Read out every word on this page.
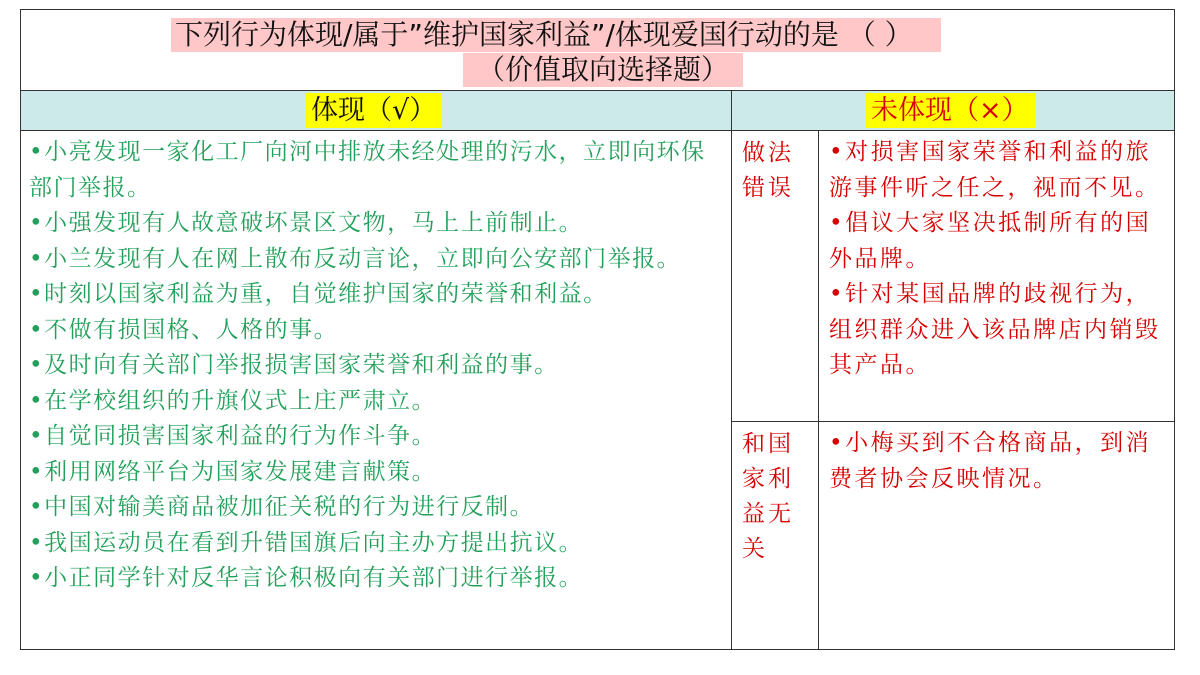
下列行为体现/属于”维护国家利益”/体现爱国行动的是 （ ）
（价值取向选择题）
体现（√）	未体现（×）
•小亮发现一家化工厂向河中排放未经处理的污水，立即向环保部门举报。
•小强发现有人故意破坏景区文物，马上上前制止。
•小兰发现有人在网上散布反动言论，立即向公安部门举报。
•时刻以国家利益为重，自觉维护国家的荣誉和利益。
•不做有损国格、人格的事。
•及时向有关部门举报损害国家荣誉和利益的事。
•在学校组织的升旗仪式上庄严肃立。
•自觉同损害国家利益的行为作斗争。
•利用网络平台为国家发展建言献策。
•中国对输美商品被加征关税的行为进行反制。
•我国运动员在看到升错国旗后向主办方提出抗议。
•小正同学针对反华言论积极向有关部门进行举报。
做法错误
和国家利益无关
•对损害国家荣誉和利益的旅游事件听之任之，视而不见。
•倡议大家坚决抵制所有的国外品牌。
•针对某国品牌的歧视行为，组织群众进入该品牌店内销毁其产品。
•小梅买到不合格商品，到消费者协会反映情况。
